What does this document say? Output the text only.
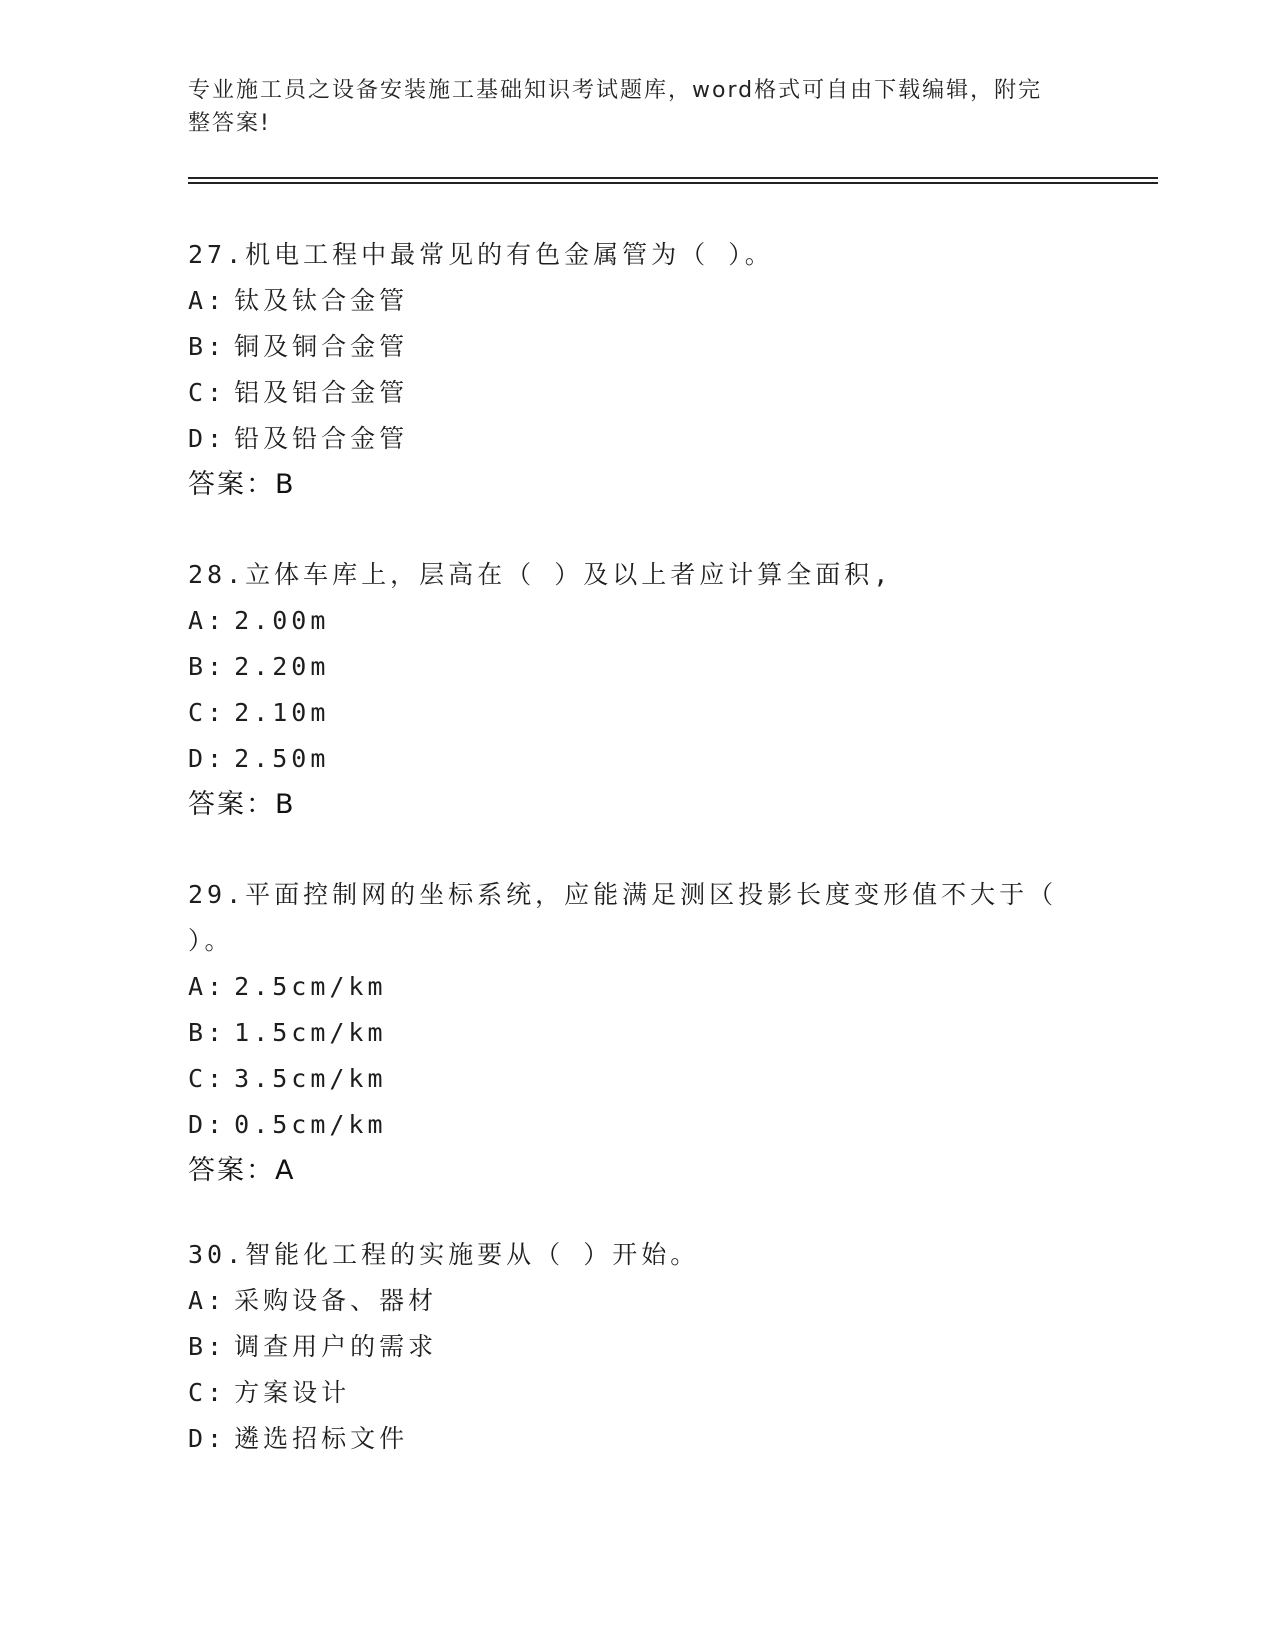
专业施工员之设备安装施工基础知识考试题库，word格式可自由下载编辑，附完
整答案!
27.机电工程中最常见的有色金属管为（ ）。
A: 钛及钛合金管
B: 铜及铜合金管
C: 铝及铝合金管
D: 铅及铅合金管
答案：B
28.立体车库上，层高在（ ）及以上者应计算全面积,
A: 2.00m
B: 2.20m
C: 2.10m
D: 2.50m
答案：B
29.平面控制网的坐标系统，应能满足测区投影长度变形值不大于（
）。
A: 2.5cm/km
B: 1.5cm/km
C: 3.5cm/km
D: 0.5cm/km
答案：A
30.智能化工程的实施要从（ ）开始。
A: 采购设备、器材
B: 调查用户的需求
C: 方案设计
D: 遴选招标文件
